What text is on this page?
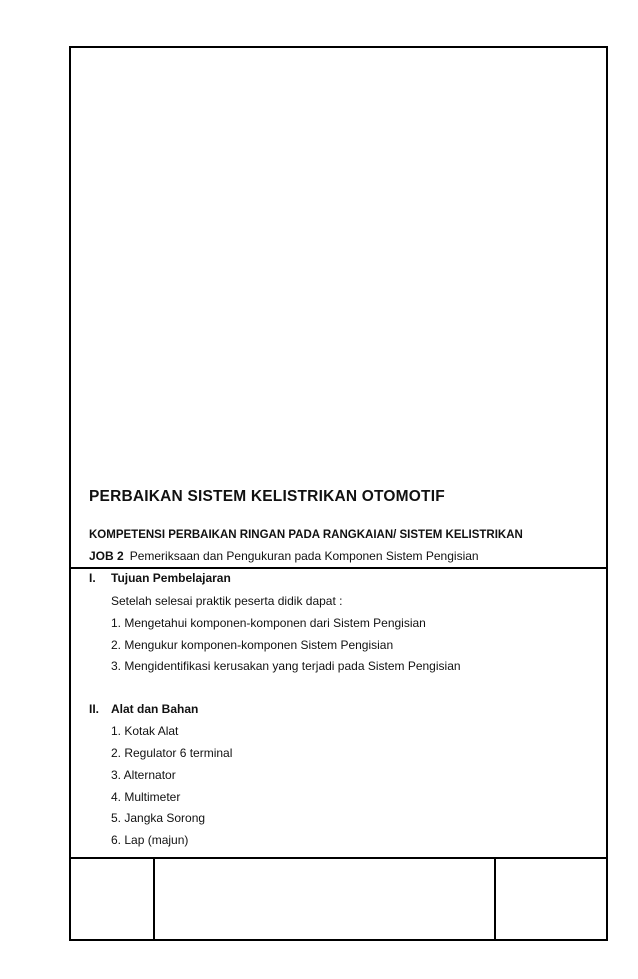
PERBAIKAN SISTEM KELISTRIKAN OTOMOTIF
KOMPETENSI PERBAIKAN RINGAN PADA RANGKAIAN/ SISTEM KELISTRIKAN
JOB 2 Pemeriksaan dan Pengukuran pada Komponen Sistem Pengisian
I. Tujuan Pembelajaran
Setelah selesai praktik peserta didik dapat :
1. Mengetahui komponen-komponen dari Sistem Pengisian
2. Mengukur komponen-komponen Sistem Pengisian
3. Mengidentifikasi kerusakan yang terjadi pada Sistem Pengisian
II. Alat dan Bahan
1. Kotak Alat
2. Regulator 6 terminal
3. Alternator
4. Multimeter
5. Jangka Sorong
6. Lap (majun)
